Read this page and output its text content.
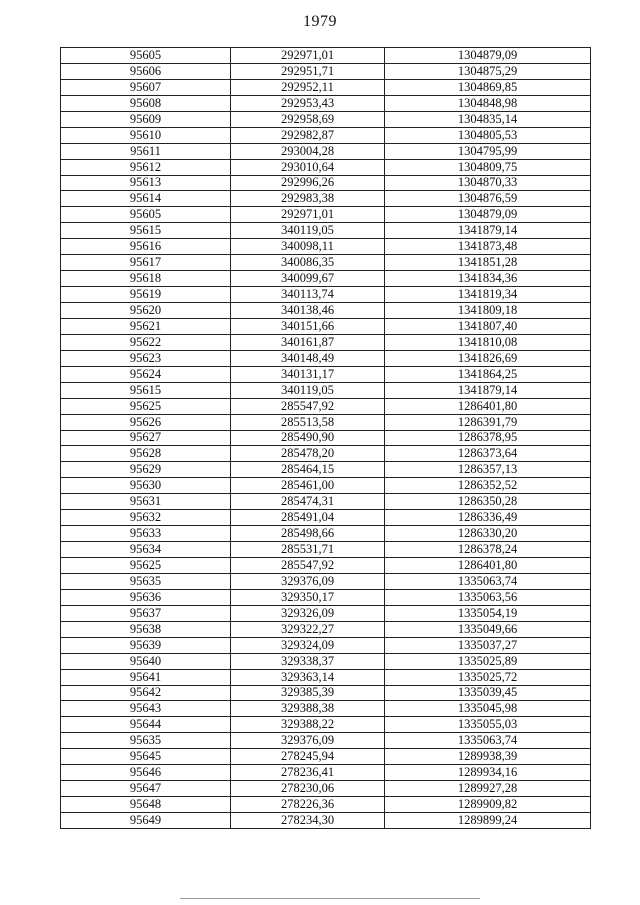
1979
95605	292971,01	1304879,09
95606	292951,71	1304875,29
95607	292952,11	1304869,85
95608	292953,43	1304848,98
95609	292958,69	1304835,14
95610	292982,87	1304805,53
95611	293004,28	1304795,99
95612	293010,64	1304809,75
95613	292996,26	1304870,33
95614	292983,38	1304876,59
95605	292971,01	1304879,09
95615	340119,05	1341879,14
95616	340098,11	1341873,48
95617	340086,35	1341851,28
95618	340099,67	1341834,36
95619	340113,74	1341819,34
95620	340138,46	1341809,18
95621	340151,66	1341807,40
95622	340161,87	1341810,08
95623	340148,49	1341826,69
95624	340131,17	1341864,25
95615	340119,05	1341879,14
95625	285547,92	1286401,80
95626	285513,58	1286391,79
95627	285490,90	1286378,95
95628	285478,20	1286373,64
95629	285464,15	1286357,13
95630	285461,00	1286352,52
95631	285474,31	1286350,28
95632	285491,04	1286336,49
95633	285498,66	1286330,20
95634	285531,71	1286378,24
95625	285547,92	1286401,80
95635	329376,09	1335063,74
95636	329350,17	1335063,56
95637	329326,09	1335054,19
95638	329322,27	1335049,66
95639	329324,09	1335037,27
95640	329338,37	1335025,89
95641	329363,14	1335025,72
95642	329385,39	1335039,45
95643	329388,38	1335045,98
95644	329388,22	1335055,03
95635	329376,09	1335063,74
95645	278245,94	1289938,39
95646	278236,41	1289934,16
95647	278230,06	1289927,28
95648	278226,36	1289909,82
95649	278234,30	1289899,24
